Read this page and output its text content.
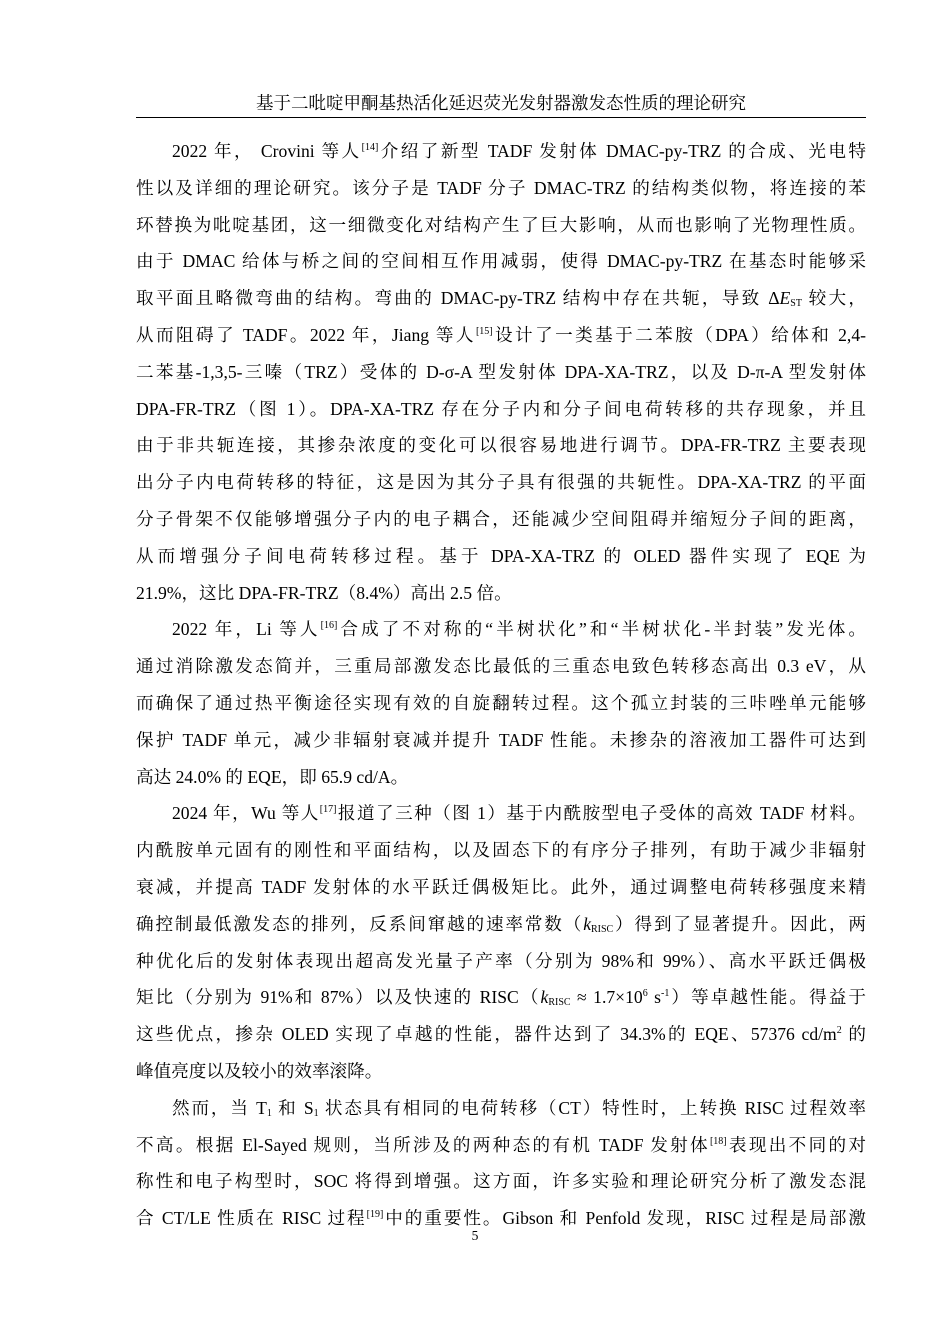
基于二吡啶甲酮基热活化延迟荧光发射器激发态性质的理论研究
2022 年， Crovini 等人[14]介绍了新型 TADF 发射体 DMAC-py-TRZ 的合成、光电特
性以及详细的理论研究。该分子是 TADF 分子 DMAC-TRZ 的结构类似物，将连接的苯
环替换为吡啶基团，这一细微变化对结构产生了巨大影响，从而也影响了光物理性质。
由于 DMAC 给体与桥之间的空间相互作用减弱，使得 DMAC-py-TRZ 在基态时能够采
取平面且略微弯曲的结构。弯曲的 DMAC-py-TRZ 结构中存在共轭，导致 $\Delta E_{ST}$ 较大，
从而阻碍了 TADF。2022 年，Jiang 等人[15]设计了一类基于二苯胺（DPA）给体和 2,4-
二苯基-1,3,5-三嗪（TRZ）受体的 D-σ-A 型发射体 DPA-XA-TRZ，以及 D-π-A 型发射体
DPA-FR-TRZ（图 1）。DPA-XA-TRZ 存在分子内和分子间电荷转移的共存现象，并且
由于非共轭连接，其掺杂浓度的变化可以很容易地进行调节。DPA-FR-TRZ 主要表现
出分子内电荷转移的特征，这是因为其分子具有很强的共轭性。DPA-XA-TRZ 的平面
分子骨架不仅能够增强分子内的电子耦合，还能减少空间阻碍并缩短分子间的距离，
从而增强分子间电荷转移过程。基于 DPA-XA-TRZ 的 OLED 器件实现了 EQE 为
21.9%，这比 DPA-FR-TRZ（8.4%）高出 2.5 倍。
2022 年，Li 等人[16]合成了不对称的“半树状化”和“半树状化-半封装”发光体。
通过消除激发态简并，三重局部激发态比最低的三重态电致色转移态高出 0.3 eV，从
而确保了通过热平衡途径实现有效的自旋翻转过程。这个孤立封装的三咔唑单元能够
保护 TADF 单元，减少非辐射衰减并提升 TADF 性能。未掺杂的溶液加工器件可达到
高达 24.0% 的 EQE，即 65.9 cd/A。
2024 年，Wu 等人[17]报道了三种（图 1）基于内酰胺型电子受体的高效 TADF 材料。
内酰胺单元固有的刚性和平面结构，以及固态下的有序分子排列，有助于减少非辐射
衰减，并提高 TADF 发射体的水平跃迁偶极矩比。此外，通过调整电荷转移强度来精
确控制最低激发态的排列，反系间窜越的速率常数$(k_{RISC})$得到了显著提升。因此，两
种优化后的发射体表现出超高发光量子产率（分别为 98%和 99%）、高水平跃迁偶极
矩比（分别为 91%和 87%）以及快速的 $RISC(k_{RISC} \approx 1.7\times 10^6$ $s^{-1}$）等卓越性能。得益于
这些优点，掺杂 OLED 实现了卓越的性能，器件达到了 34.3%的 EQE、57376 $cd/m^2$ 的
峰值亮度以及较小的效率滚降。
然而，当 $T_1$ 和 $S_1$ 状态具有相同的电荷转移（CT）特性时，上转换 RISC 过程效率
不高。根据 El-Sayed 规则，当所涉及的两种态的有机 TADF 发射体[18]表现出不同的对
称性和电子构型时，SOC 将得到增强。这方面，许多实验和理论研究分析了激发态混
合 CT/LE 性质在 RISC 过程[19]中的重要性。Gibson 和 Penfold 发现，RISC 过程是局部激
5
